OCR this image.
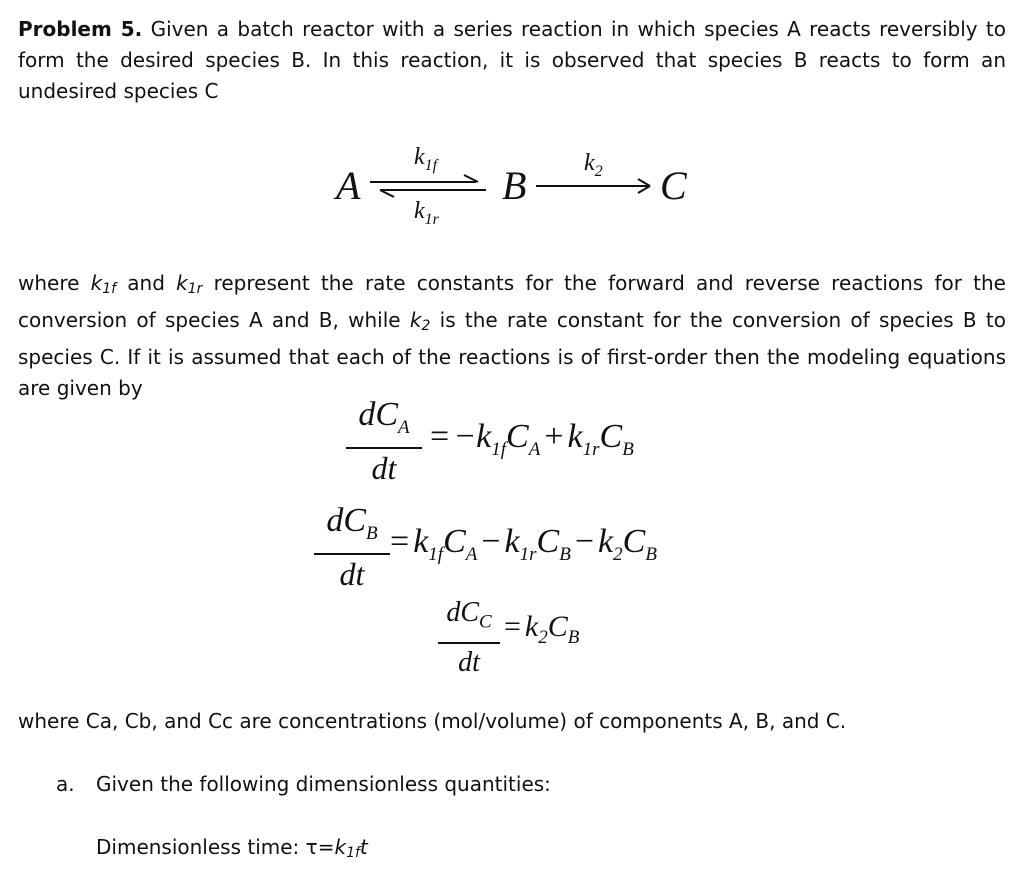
Problem 5. Given a batch reactor with a series reaction in which species A reacts reversibly to form the desired species B. In this reaction, it is observed that species B reacts to form an undesired species C

A
$k_{1f}$
$k_{1r}$
B $k_2$ C

where $k_{1f}$ and $k_{1r}$ represent the rate constants for the forward and reverse reactions for the conversion of species A and B, while $k_2$ is the rate constant for the conversion of species B to species C. If it is assumed that each of the reactions is of first-order then the modeling equations are given by

$dC_A$
dt
= $-k_{1f}C_A + k_{1r}C_B$
$dC_B$
dt
= $k_{1f}C_A - k_{1r}C_B - k_2C_B$
$dC_C$
dt
= $k_2C_B$

where Ca, Cb, and Cc are concentrations (mol/volume) of components A, B, and C.

a. Given the following dimensionless quantities:
Dimensionless time: $\tau=k_{1f}t$
